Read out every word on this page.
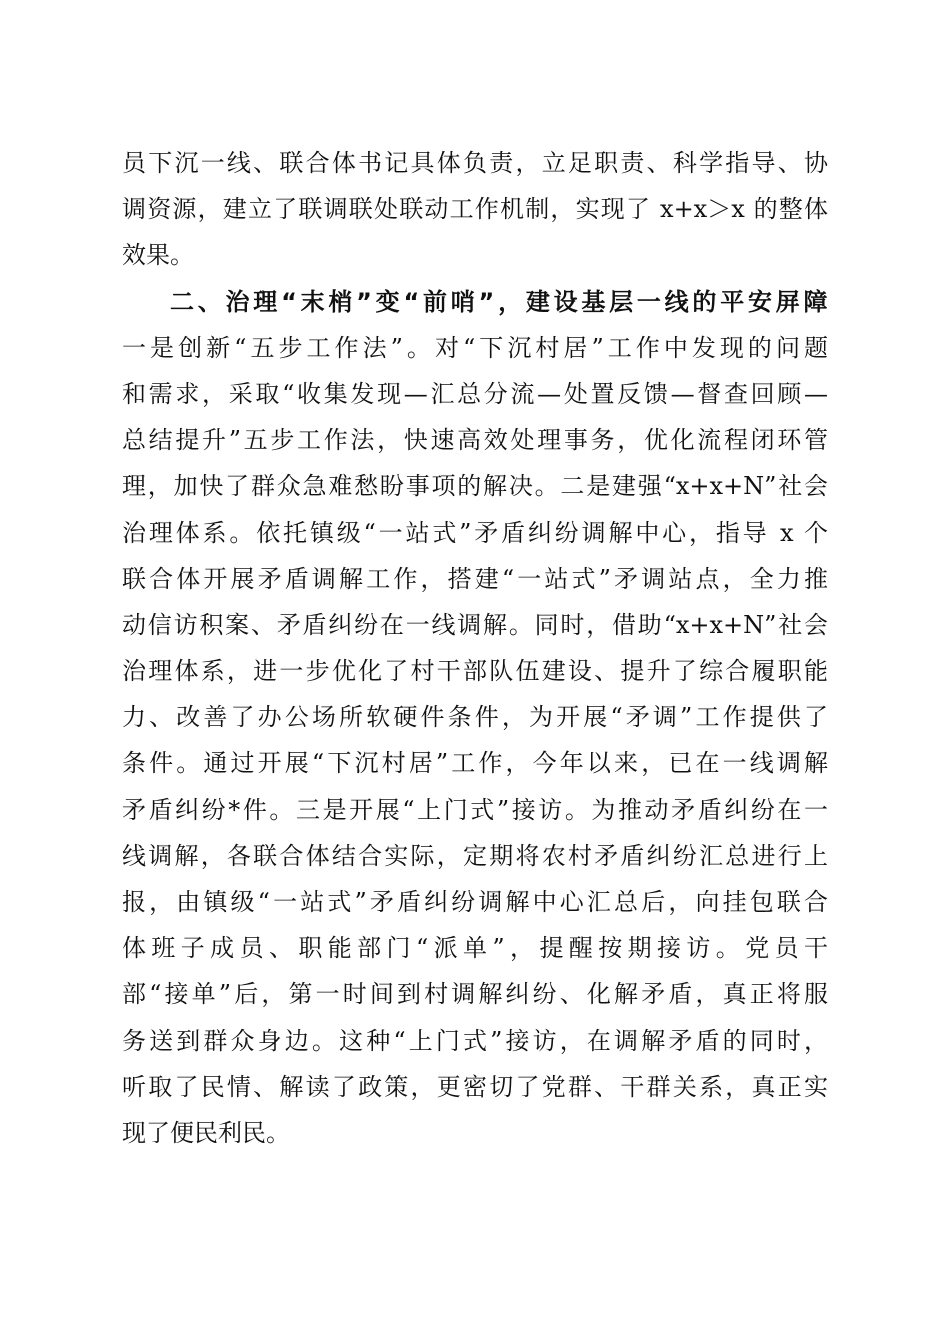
员下沉一线、联合体书记具体负责，立足职责、科学指导、协
调资源，建立了联调联处联动工作机制，实现了 x+x＞x 的整体
效果。
二、治理“末梢”变“前哨”，建设基层一线的平安屏障
一是创新“五步工作法”。对“下沉村居”工作中发现的问题
和需求，采取“收集发现—汇总分流—处置反馈—督查回顾—
总结提升”五步工作法，快速高效处理事务，优化流程闭环管
理，加快了群众急难愁盼事项的解决。二是建强“x+x+N”社会
治理体系。依托镇级“一站式”矛盾纠纷调解中心，指导 x 个
联合体开展矛盾调解工作，搭建“一站式”矛调站点，全力推
动信访积案、矛盾纠纷在一线调解。同时，借助“x+x+N”社会
治理体系，进一步优化了村干部队伍建设、提升了综合履职能
力、改善了办公场所软硬件条件，为开展“矛调”工作提供了
条件。通过开展“下沉村居”工作，今年以来，已在一线调解
矛盾纠纷*件。三是开展“上门式”接访。为推动矛盾纠纷在一
线调解，各联合体结合实际，定期将农村矛盾纠纷汇总进行上
报，由镇级“一站式”矛盾纠纷调解中心汇总后，向挂包联合
体班子成员、职能部门“派单”，提醒按期接访。党员干
部“接单”后，第一时间到村调解纠纷、化解矛盾，真正将服
务送到群众身边。这种“上门式”接访，在调解矛盾的同时，
听取了民情、解读了政策，更密切了党群、干群关系，真正实
现了便民利民。
